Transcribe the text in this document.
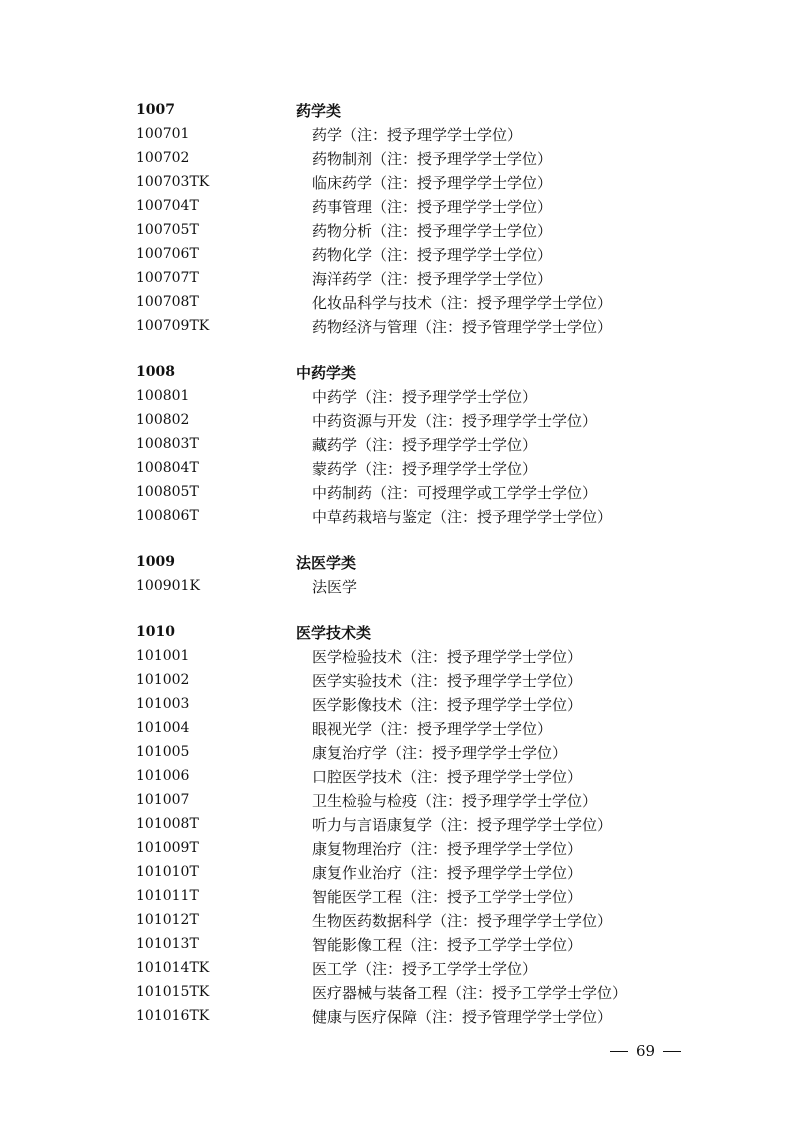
1007	药学类
100701	药学（注：授予理学学士学位）
100702	药物制剂（注：授予理学学士学位）
100703TK	临床药学（注：授予理学学士学位）
100704T	药事管理（注：授予理学学士学位）
100705T	药物分析（注：授予理学学士学位）
100706T	药物化学（注：授予理学学士学位）
100707T	海洋药学（注：授予理学学士学位）
100708T	化妆品科学与技术（注：授予理学学士学位）
100709TK	药物经济与管理（注：授予管理学学士学位）
1008	中药学类
100801	中药学（注：授予理学学士学位）
100802	中药资源与开发（注：授予理学学士学位）
100803T	藏药学（注：授予理学学士学位）
100804T	蒙药学（注：授予理学学士学位）
100805T	中药制药（注：可授理学或工学学士学位）
100806T	中草药栽培与鉴定（注：授予理学学士学位）
1009	法医学类
100901K	法医学
1010	医学技术类
101001	医学检验技术（注：授予理学学士学位）
101002	医学实验技术（注：授予理学学士学位）
101003	医学影像技术（注：授予理学学士学位）
101004	眼视光学（注：授予理学学士学位）
101005	康复治疗学（注：授予理学学士学位）
101006	口腔医学技术（注：授予理学学士学位）
101007	卫生检验与检疫（注：授予理学学士学位）
101008T	听力与言语康复学（注：授予理学学士学位）
101009T	康复物理治疗（注：授予理学学士学位）
101010T	康复作业治疗（注：授予理学学士学位）
101011T	智能医学工程（注：授予工学学士学位）
101012T	生物医药数据科学（注：授予理学学士学位）
101013T	智能影像工程（注：授予工学学士学位）
101014TK	医工学（注：授予工学学士学位）
101015TK	医疗器械与装备工程（注：授予工学学士学位）
101016TK	健康与医疗保障（注：授予管理学学士学位）
69
